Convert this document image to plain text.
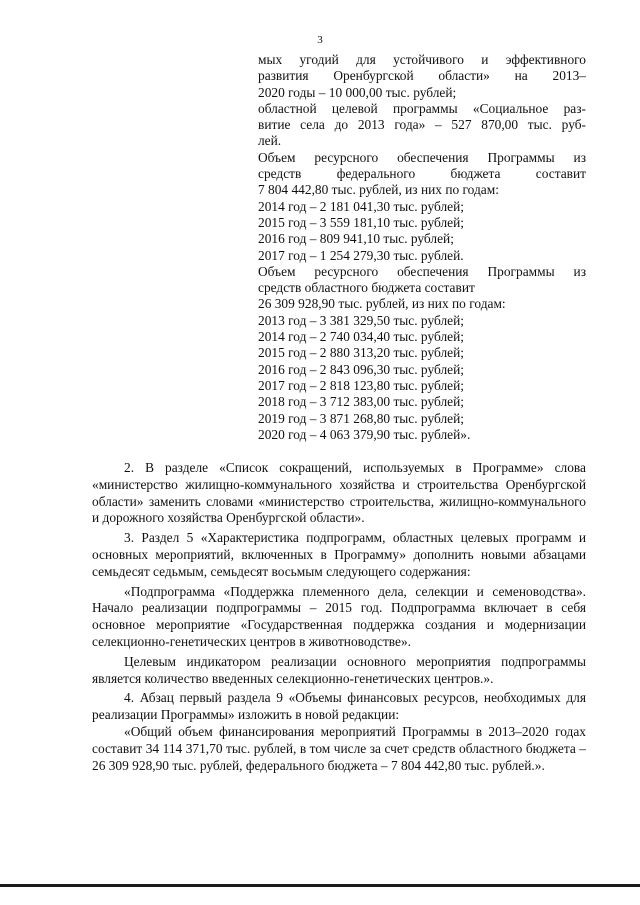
3
мых угодий для устойчивого и эффективного
развития Оренбургской области» на 2013–
2020 годы – 10 000,00 тыс. рублей;
областной целевой программы «Социальное раз-
витие села до 2013 года» – 527 870,00 тыс. руб-
лей.
Объем ресурсного обеспечения Программы из
средств федерального бюджета составит
7 804 442,80 тыс. рублей, из них по годам:
2014 год – 2 181 041,30 тыс. рублей;
2015 год – 3 559 181,10 тыс. рублей;
2016 год – 809 941,10 тыс. рублей;
2017 год – 1 254 279,30 тыс. рублей.
Объем ресурсного обеспечения Программы из
средств областного бюджета составит
26 309 928,90 тыс. рублей, из них по годам:
2013 год – 3 381 329,50 тыс. рублей;
2014 год – 2 740 034,40 тыс. рублей;
2015 год – 2 880 313,20 тыс. рублей;
2016 год – 2 843 096,30 тыс. рублей;
2017 год – 2 818 123,80 тыс. рублей;
2018 год – 3 712 383,00 тыс. рублей;
2019 год – 3 871 268,80 тыс. рублей;
2020 год – 4 063 379,90 тыс. рублей».

2. В разделе «Список сокращений, используемых в Программе» слова «министерство жилищно-коммунального хозяйства и строительства Оренбургской области» заменить словами «министерство строительства, жилищно-коммунального и дорожного хозяйства Оренбургской области».

3. Раздел 5 «Характеристика подпрограмм, областных целевых программ и основных мероприятий, включенных в Программу» дополнить новыми абзацами семьдесят седьмым, семьдесят восьмым следующего содержания:

«Подпрограмма «Поддержка племенного дела, селекции и семеноводства». Начало реализации подпрограммы – 2015 год. Подпрограмма включает в себя основное мероприятие «Государственная поддержка создания и модернизации селекционно-генетических центров в животноводстве».

Целевым индикатором реализации основного мероприятия подпрограммы является количество введенных селекционно-генетических центров.».

4. Абзац первый раздела 9 «Объемы финансовых ресурсов, необходимых для реализации Программы» изложить в новой редакции:

«Общий объем финансирования мероприятий Программы в 2013–2020 годах составит 34 114 371,70 тыс. рублей, в том числе за счет средств областного бюджета – 26 309 928,90 тыс. рублей, федерального бюджета – 7 804 442,80 тыс. рублей.».
